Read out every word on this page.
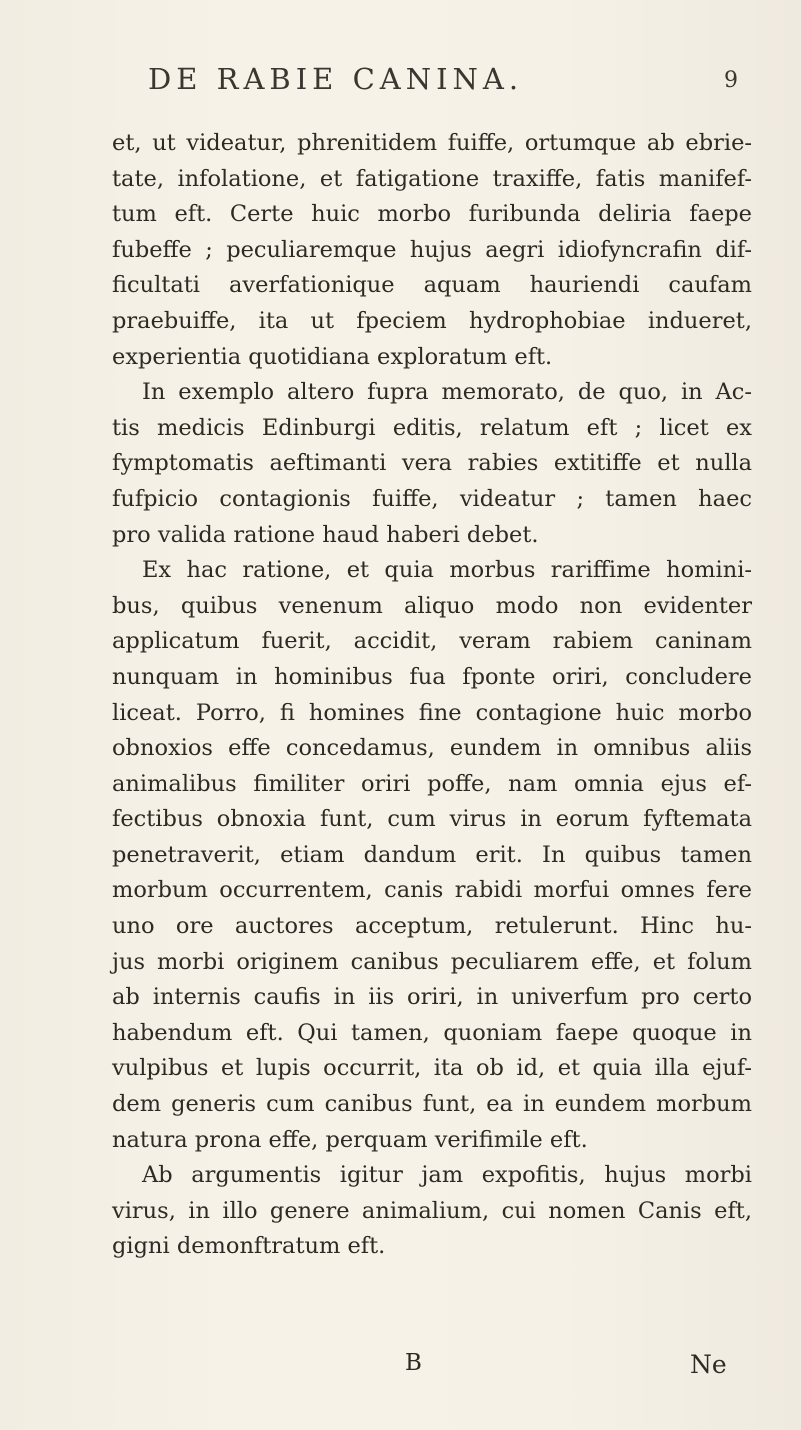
DE RABIE CANINA.	9
et, ut videatur, phrenitidem fuiffe, ortumque ab ebrie-
tate, infolatione, et fatigatione traxiffe, fatis manifef-
tum eft. Certe huic morbo furibunda deliria faepe
fubeffe ; peculiaremque hujus aegri idiofyncrafin dif-
ficultati averfationique aquam hauriendi caufam
praebuiffe, ita ut fpeciem hydrophobiae indueret,
experientia quotidiana exploratum eft.
In exemplo altero fupra memorato, de quo, in Ac-
tis medicis Edinburgi editis, relatum eft ; licet ex
fymptomatis aeftimanti vera rabies extitiffe et nulla
fufpicio contagionis fuiffe, videatur ; tamen haec
pro valida ratione haud haberi debet.
Ex hac ratione, et quia morbus rariffime homini-
bus, quibus venenum aliquo modo non evidenter
applicatum fuerit, accidit, veram rabiem caninam
nunquam in hominibus fua fponte oriri, concludere
liceat. Porro, fi homines fine contagione huic morbo
obnoxios effe concedamus, eundem in omnibus aliis
animalibus fimiliter oriri poffe, nam omnia ejus ef-
fectibus obnoxia funt, cum virus in eorum fyftemata
penetraverit, etiam dandum erit. In quibus tamen
morbum occurrentem, canis rabidi morfui omnes fere
uno ore auctores acceptum, retulerunt. Hinc hu-
jus morbi originem canibus peculiarem effe, et folum
ab internis caufis in iis oriri, in univerfum pro certo
habendum eft. Qui tamen, quoniam faepe quoque in
vulpibus et lupis occurrit, ita ob id, et quia illa ejuf-
dem generis cum canibus funt, ea in eundem morbum
natura prona effe, perquam verifimile eft.
Ab argumentis igitur jam expofitis, hujus morbi
virus, in illo genere animalium, cui nomen Canis eft,
gigni demonftratum eft.
B	Ne
